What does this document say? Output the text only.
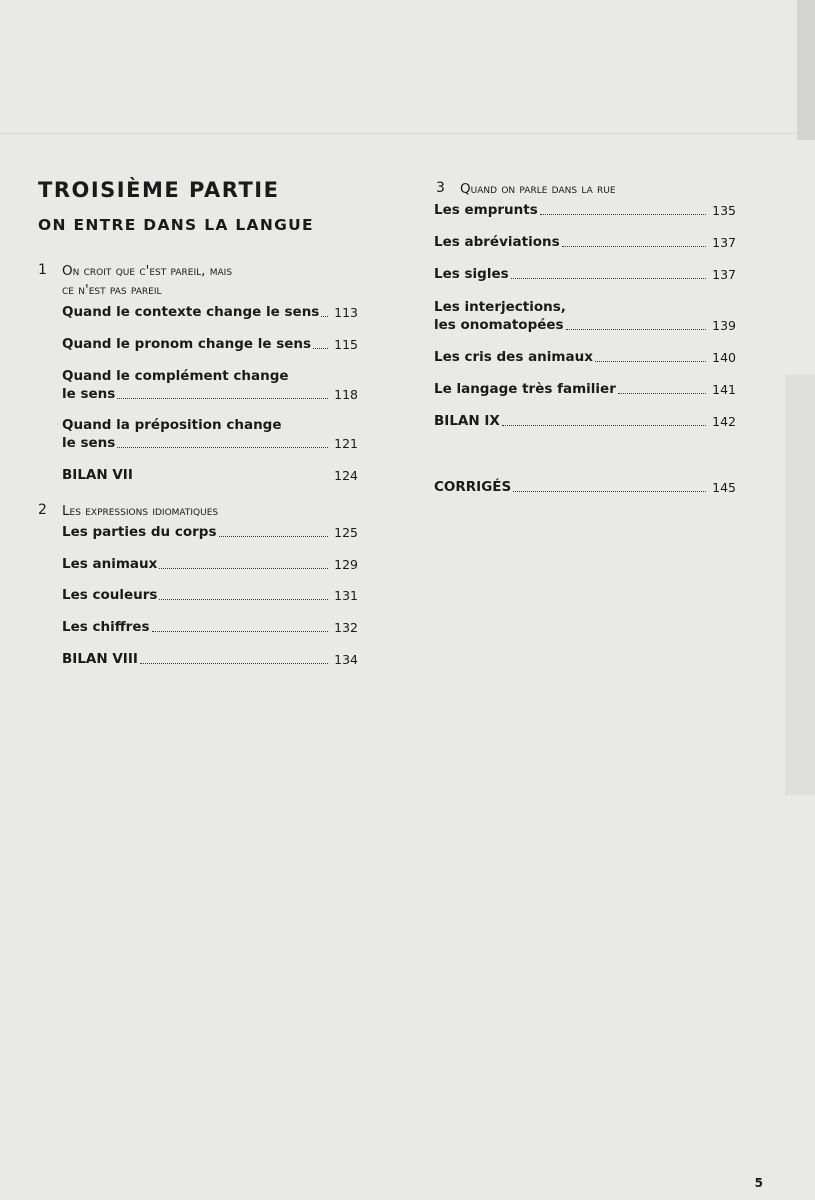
TROISIÈME PARTIE
ON ENTRE DANS LA LANGUE
1 On croit que c'est pareil, mais
ce n'est pas pareil
Quand le contexte change le sens 113
Quand le pronom change le sens 115
Quand le complément change
le sens	118
Quand la préposition change
le sens	121
BILAN VII	124
2 Les expressions idiomatiques
Les parties du corps	125
Les animaux	129
Les couleurs	131
Les chiffres	132
BILAN VIII	134
3 Quand on parle dans la rue
Les emprunts	135
Les abréviations	137
Les sigles	137
Les interjections,
les onomatopées	139
Les cris des animaux	140
Le langage très familier	141
BILAN IX	142
CORRIGÉS	145
5
